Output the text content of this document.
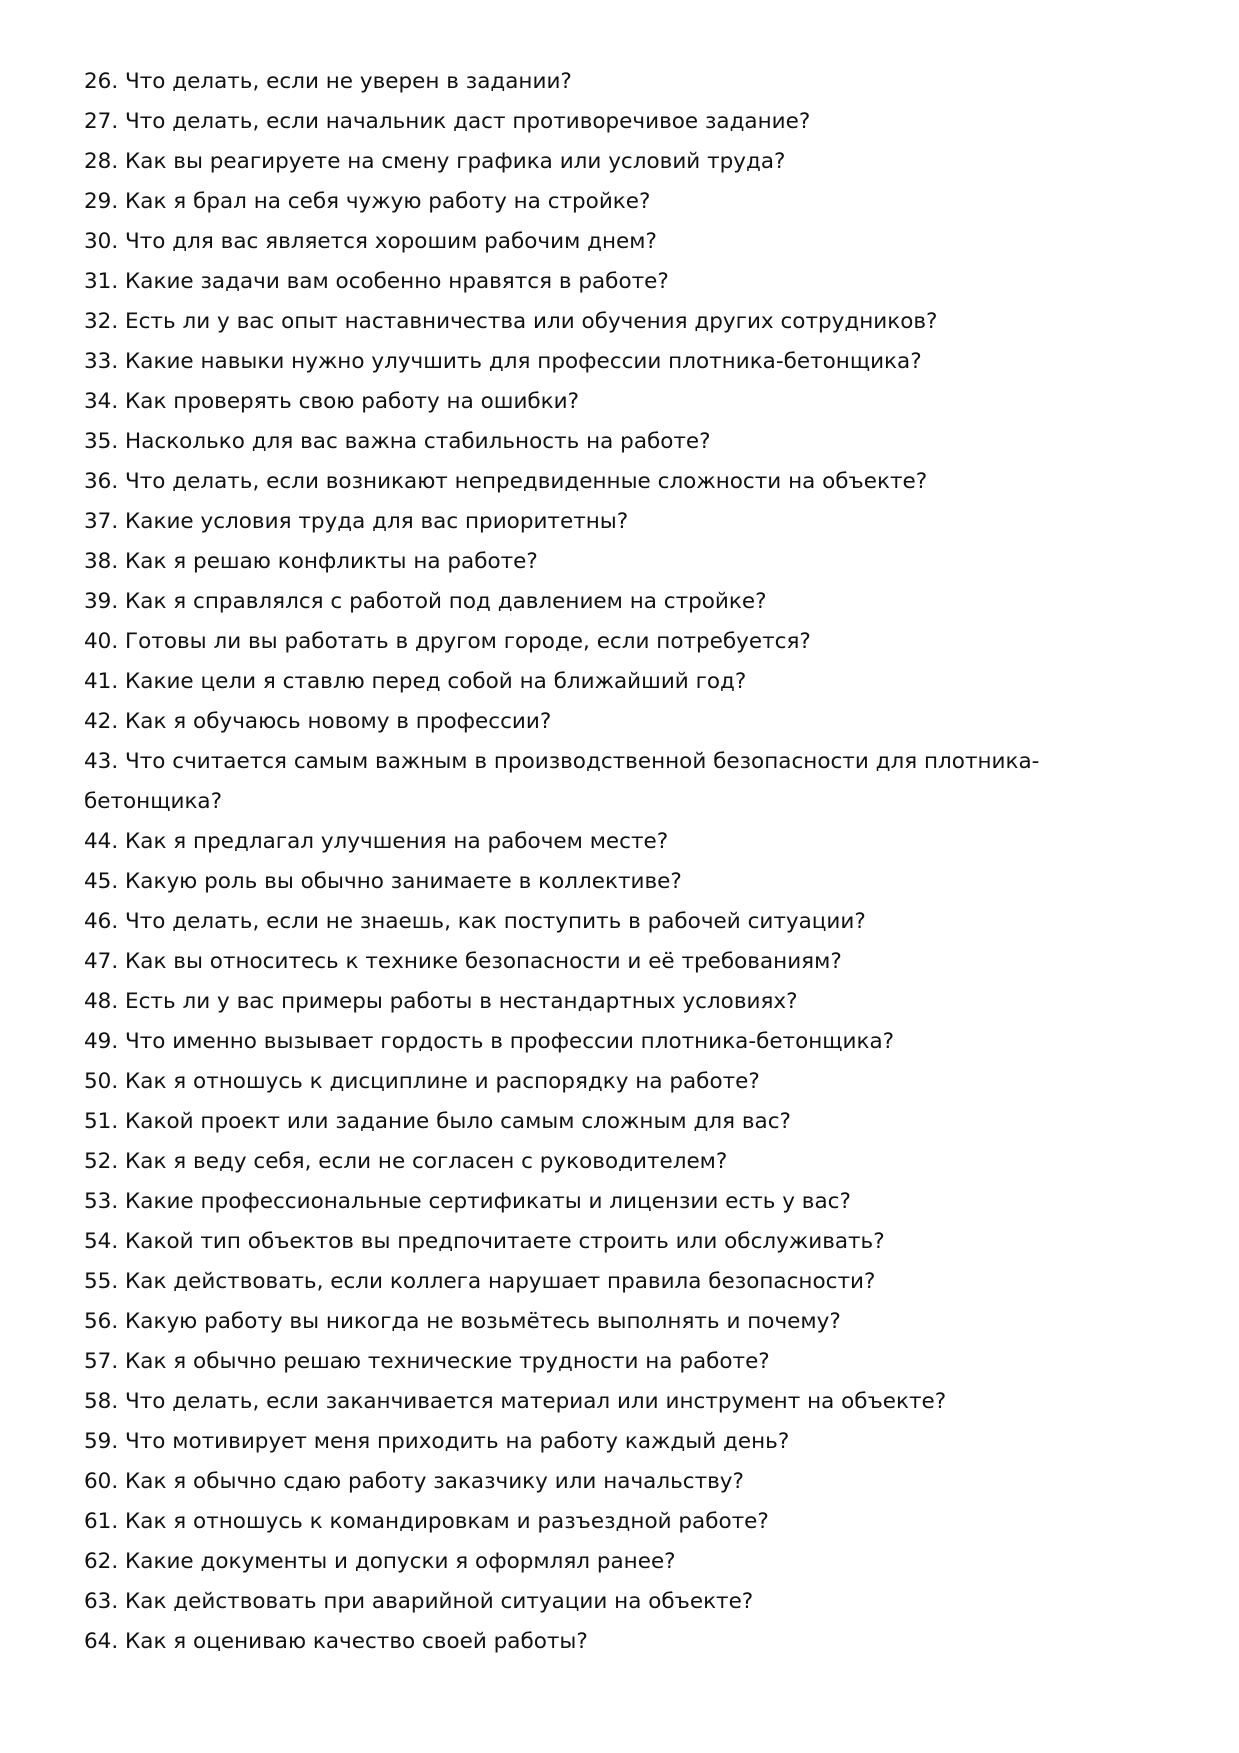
26. Что делать, если не уверен в задании?
27. Что делать, если начальник даст противоречивое задание?
28. Как вы реагируете на смену графика или условий труда?
29. Как я брал на себя чужую работу на стройке?
30. Что для вас является хорошим рабочим днем?
31. Какие задачи вам особенно нравятся в работе?
32. Есть ли у вас опыт наставничества или обучения других сотрудников?
33. Какие навыки нужно улучшить для профессии плотника-бетонщика?
34. Как проверять свою работу на ошибки?
35. Насколько для вас важна стабильность на работе?
36. Что делать, если возникают непредвиденные сложности на объекте?
37. Какие условия труда для вас приоритетны?
38. Как я решаю конфликты на работе?
39. Как я справлялся с работой под давлением на стройке?
40. Готовы ли вы работать в другом городе, если потребуется?
41. Какие цели я ставлю перед собой на ближайший год?
42. Как я обучаюсь новому в профессии?
43. Что считается самым важным в производственной безопасности для плотника-бетонщика?
44. Как я предлагал улучшения на рабочем месте?
45. Какую роль вы обычно занимаете в коллективе?
46. Что делать, если не знаешь, как поступить в рабочей ситуации?
47. Как вы относитесь к технике безопасности и её требованиям?
48. Есть ли у вас примеры работы в нестандартных условиях?
49. Что именно вызывает гордость в профессии плотника-бетонщика?
50. Как я отношусь к дисциплине и распорядку на работе?
51. Какой проект или задание было самым сложным для вас?
52. Как я веду себя, если не согласен с руководителем?
53. Какие профессиональные сертификаты и лицензии есть у вас?
54. Какой тип объектов вы предпочитаете строить или обслуживать?
55. Как действовать, если коллега нарушает правила безопасности?
56. Какую работу вы никогда не возьмётесь выполнять и почему?
57. Как я обычно решаю технические трудности на работе?
58. Что делать, если заканчивается материал или инструмент на объекте?
59. Что мотивирует меня приходить на работу каждый день?
60. Как я обычно сдаю работу заказчику или начальству?
61. Как я отношусь к командировкам и разъездной работе?
62. Какие документы и допуски я оформлял ранее?
63. Как действовать при аварийной ситуации на объекте?
64. Как я оцениваю качество своей работы?
